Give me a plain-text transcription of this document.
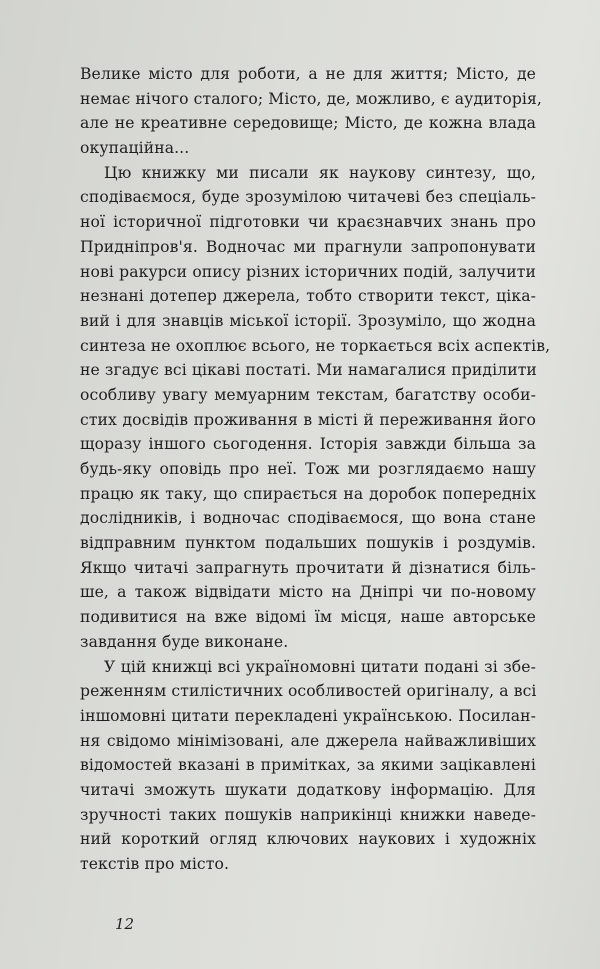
Велике місто для роботи, а не для життя; Місто, де
немає нічого сталого; Місто, де, можливо, є аудиторія,
але не креативне середовище; Місто, де кожна влада
окупаційна...
Цю книжку ми писали як наукову синтезу, що,
сподіваємося, буде зрозумілою читачеві без спеціаль-
ної історичної підготовки чи краєзнавчих знань про
Придніпров'я. Водночас ми прагнули запропонувати
нові ракурси опису різних історичних подій, залучити
незнані дотепер джерела, тобто створити текст, ціка-
вий і для знавців міської історії. Зрозуміло, що жодна
синтеза не охоплює всього, не торкається всіх аспектів,
не згадує всі цікаві постаті. Ми намагалися приділити
особливу увагу мемуарним текстам, багатству особи-
стих досвідів проживання в місті й переживання його
щоразу іншого сьогодення. Історія завжди більша за
будь-яку оповідь про неї. Тож ми розглядаємо нашу
працю як таку, що спирається на доробок попередніх
дослідників, і водночас сподіваємося, що вона стане
відправним пунктом подальших пошуків і роздумів.
Якщо читачі запрагнуть прочитати й дізнатися біль-
ше, а також відвідати місто на Дніпрі чи по-новому
подивитися на вже відомі їм місця, наше авторське
завдання буде виконане.
У цій книжці всі україномовні цитати подані зі збе-
реженням стилістичних особливостей оригіналу, а всі
іншомовні цитати перекладені українською. Посилан-
ня свідомо мінімізовані, але джерела найважливіших
відомостей вказані в примітках, за якими зацікавлені
читачі зможуть шукати додаткову інформацію. Для
зручності таких пошуків наприкінці книжки наведе-
ний короткий огляд ключових наукових і художніх
текстів про місто.
12
